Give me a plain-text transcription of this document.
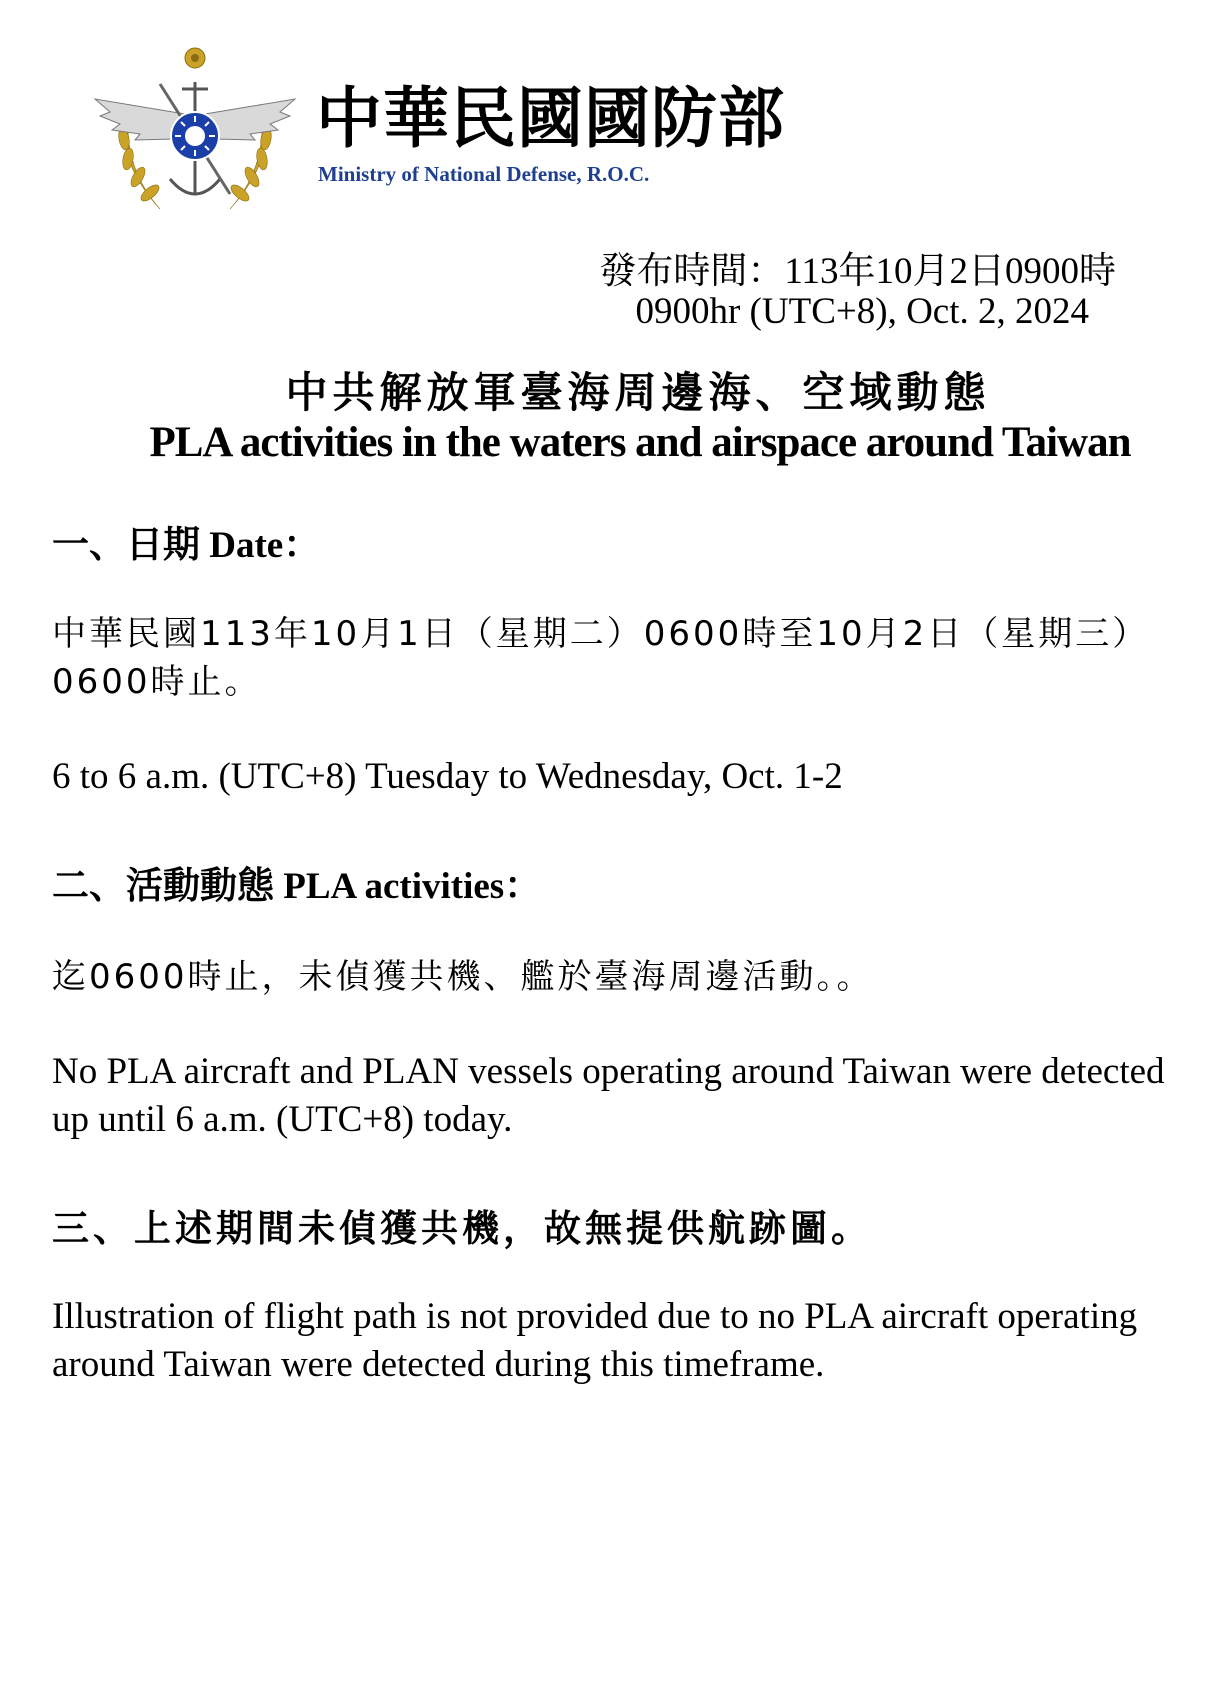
中華民國國防部
Ministry of National Defense, R.O.C.
發布時間：113年10月2日0900時
0900hr (UTC+8), Oct. 2, 2024
中共解放軍臺海周邊海、空域動態
PLA activities in the waters and airspace around Taiwan
一、日期 Date：
中華民國113年10月1日（星期二）0600時至10月2日（星期三）0600時止。
6 to 6 a.m. (UTC+8) Tuesday to Wednesday, Oct. 1-2
二、活動動態 PLA activities：
迄0600時止，未偵獲共機、艦於臺海周邊活動。。
No PLA aircraft and PLAN vessels operating around Taiwan were detected up until 6 a.m. (UTC+8) today.
三、上述期間未偵獲共機，故無提供航跡圖。
Illustration of flight path is not provided due to no PLA aircraft operating around Taiwan were detected during this timeframe.
